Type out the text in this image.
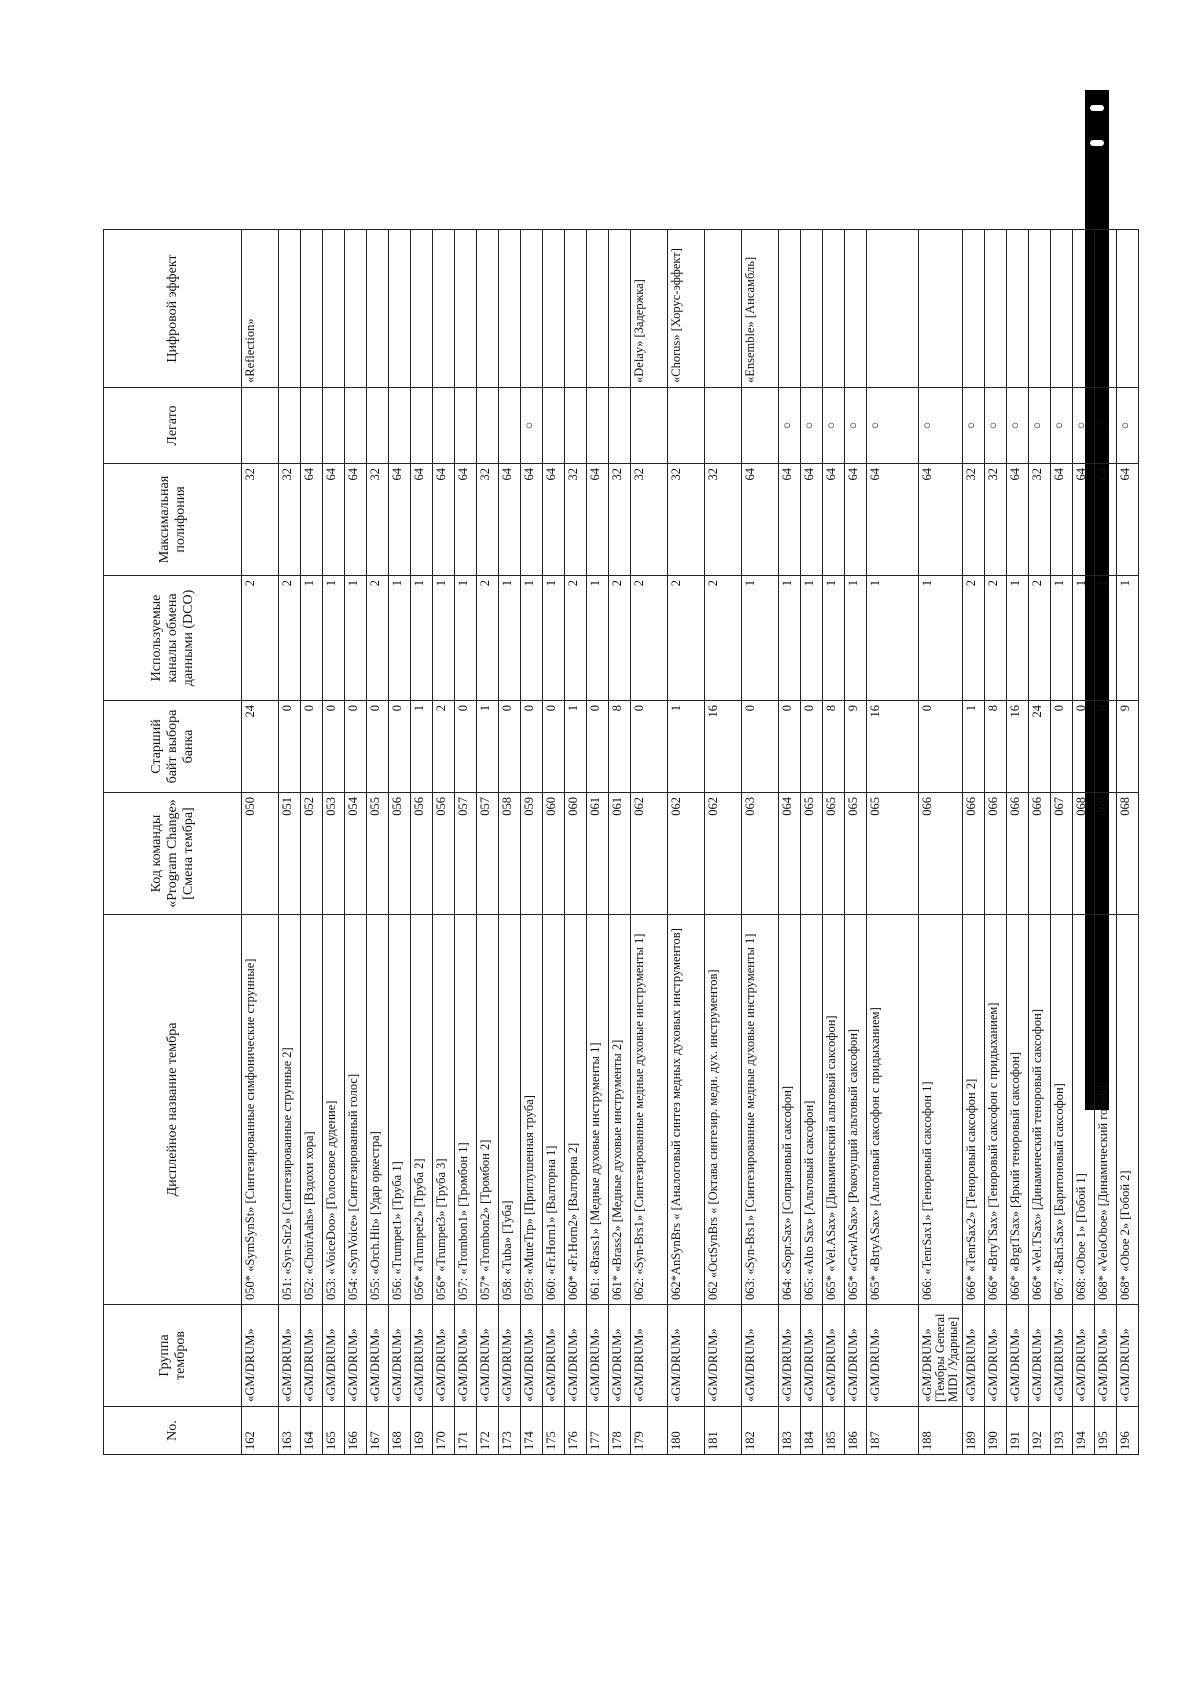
No.	Группа тембров	Дисплейное название тембра	Код команды «Program Change» [Смена тембра]	Старший байт выбора банка	Используемые каналы обмена данными (DCO)	Максимальная полифония	Легато	Цифровой эффект
162	«GM/DRUM»	050* «SymSynSt» [Синтезированные симфонические струнные]	050	24	2	32		«Reflection»
163	«GM/DRUM»	051: «Syn-Str2» [Синтезированные струнные 2]	051	0	2	32		
164	«GM/DRUM»	052: «ChoirAahs» [Вздохи хора]	052	0	1	64		
165	«GM/DRUM»	053: «VoiceDoo» [Голосовое дудение]	053	0	1	64		
166	«GM/DRUM»	054: «SynVoice» [Синтезированный голос]	054	0	1	64		
167	«GM/DRUM»	055: «Orch.Hit» [Удар оркестра]	055	0	2	32		
168	«GM/DRUM»	056: «Trumpet1» [Труба 1]	056	0	1	64		
169	«GM/DRUM»	056* «Trumpet2» [Труба 2]	056	1	1	64		
170	«GM/DRUM»	056* «Trumpet3» [Труба 3]	056	2	1	64		
171	«GM/DRUM»	057: «Trombon1» [Тромбон 1]	057	0	1	64		
172	«GM/DRUM»	057* «Trombon2» [Тромбон 2]	057	1	2	32		
173	«GM/DRUM»	058: «Tuba» [Туба]	058	0	1	64		
174	«GM/DRUM»	059: «MuteTrp» [Приглушенная труба]	059	0	1	64	○	
175	«GM/DRUM»	060: «Fr.Horn1» [Валторна 1]	060	0	1	64		
176	«GM/DRUM»	060* «Fr.Horn2» [Валторна 2]	060	1	2	32		
177	«GM/DRUM»	061: «Brass1» [Медные духовые инструменты 1]	061	0	1	64		
178	«GM/DRUM»	061* «Brass2» [Медные духовые инструменты 2]	061	8	2	32		
179	«GM/DRUM»	062: «Syn-Brs1» [Синтезированные медные духовые инструменты 1]	062	0	2	32		«Delay» [Задержка]
180	«GM/DRUM»	062*AnSynBrs « [Аналоговый синтез медных духовых инструментов]	062	1	2	32		«Chorus» [Хорус-эффект]
181	«GM/DRUM»	062 «OctSynBrs « [Октава синтезир. медн. дух. инструментов]	062	16	2	32		
182	«GM/DRUM»	063: «Syn-Brs1» [Синтезированные медные духовые инструменты 1]	063	0	1	64		«Ensemble» [Ансамбль]
183	«GM/DRUM»	064: «Sopr.Sax» [Сопрановый саксофон]	064	0	1	64	○	
184	«GM/DRUM»	065: «Alto Sax» [Альтовый саксофон]	065	0	1	64	○	
185	«GM/DRUM»	065* «Vel.ASax» [Динамический альтовый саксофон]	065	8	1	64	○	
186	«GM/DRUM»	065* «GrwlASax» [Рокочущий альтовый саксофон]	065	9	1	64	○	
187	«GM/DRUM»	065* «BrtyASax» [Альтовый саксофон с придыханием]	065	16	1	64	○	
188	«GM/DRUM» [Тембры General MIDI /Ударные]	066: «TenrSax1» [Теноровый саксофон 1]	066	0	1	64	○	
189	«GM/DRUM»	066* «TenrSax2» [Теноровый саксофон 2]	066	1	2	32	○	
190	«GM/DRUM»	066* «BrtyTSax» [Теноровый саксофон с придыханием]	066	8	2	32	○	
191	«GM/DRUM»	066* «BrgtTSax» [Яркий теноровый саксофон]	066	16	1	64	○	
192	«GM/DRUM»	066* «Vel.TSax» [Динамический теноровый саксофон]	066	24	2	32	○	
193	«GM/DRUM»	067: «Bari.Sax» [Баритоновый саксофон]	067	0	1	64	○	
194	«GM/DRUM»	068: «Oboe 1» [Гобой 1]	068	0	1	64	○	
195	«GM/DRUM»	068* «VeloOboe» [Динамический гобой]	068	8	1	64	○	
196	«GM/DRUM»	068* «Oboe 2» [Гобой 2]	068	9	1	64	○	
